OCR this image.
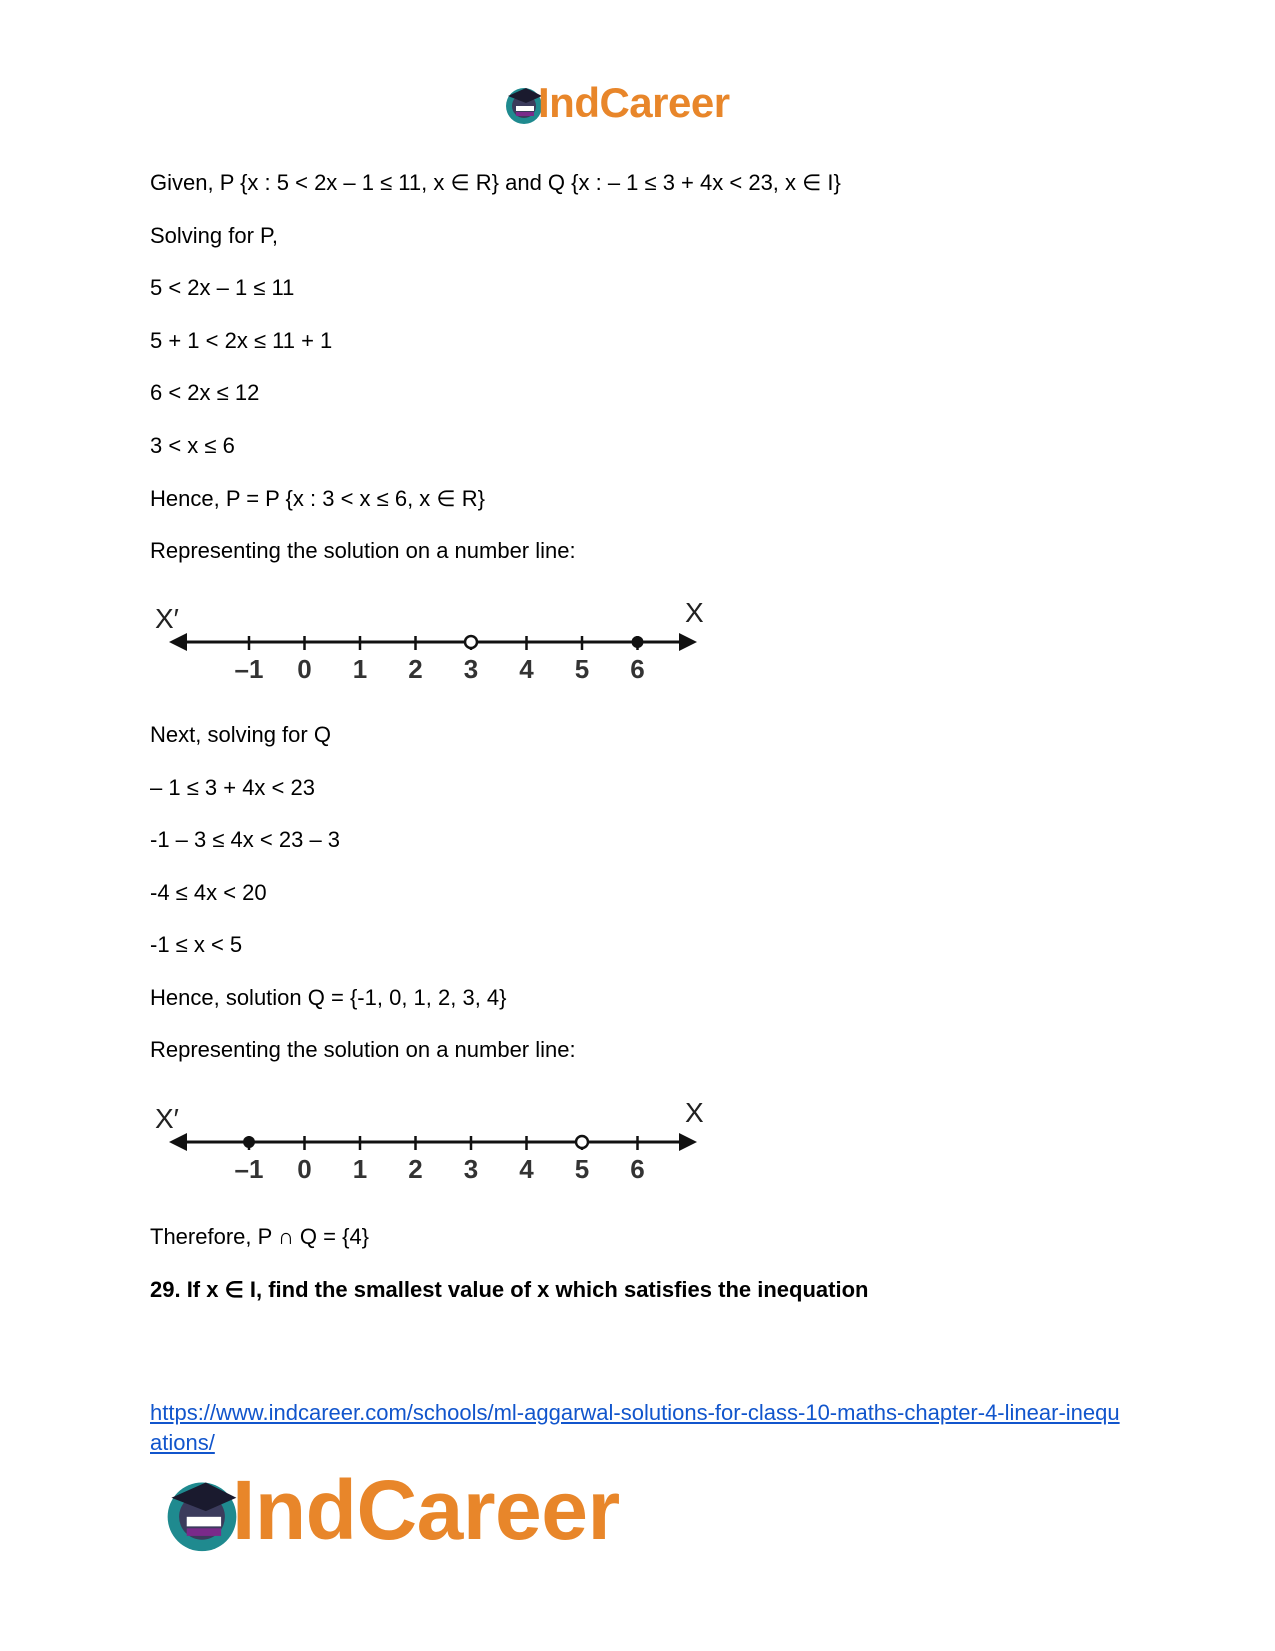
IndCareer
Given, P {x : 5 < 2x – 1 ≤ 11, x ∈ R} and Q {x : – 1 ≤ 3 + 4x < 23, x ∈ I}
Solving for P,
5 < 2x – 1 ≤ 11
5 + 1 < 2x ≤ 11 + 1
6 < 2x ≤ 12
3 < x ≤ 6
Hence, P = P {x : 3 < x ≤ 6, x ∈ R}
Representing the solution on a number line:
X′	X
–1 0 1 2 3 4 5 6
Next, solving for Q
– 1 ≤ 3 + 4x < 23
-1 – 3 ≤ 4x < 23 – 3
-4 ≤ 4x < 20
-1 ≤ x < 5
Hence, solution Q = {-1, 0, 1, 2, 3, 4}
Representing the solution on a number line:
X′	X
–1 0 1 2 3 4 5 6
Therefore, P ∩ Q = {4}
29. If x ∈ I, find the smallest value of x which satisfies the inequation
https://www.indcareer.com/schools/ml-aggarwal-solutions-for-class-10-maths-chapter-4-linear-inequations/
IndCareer
